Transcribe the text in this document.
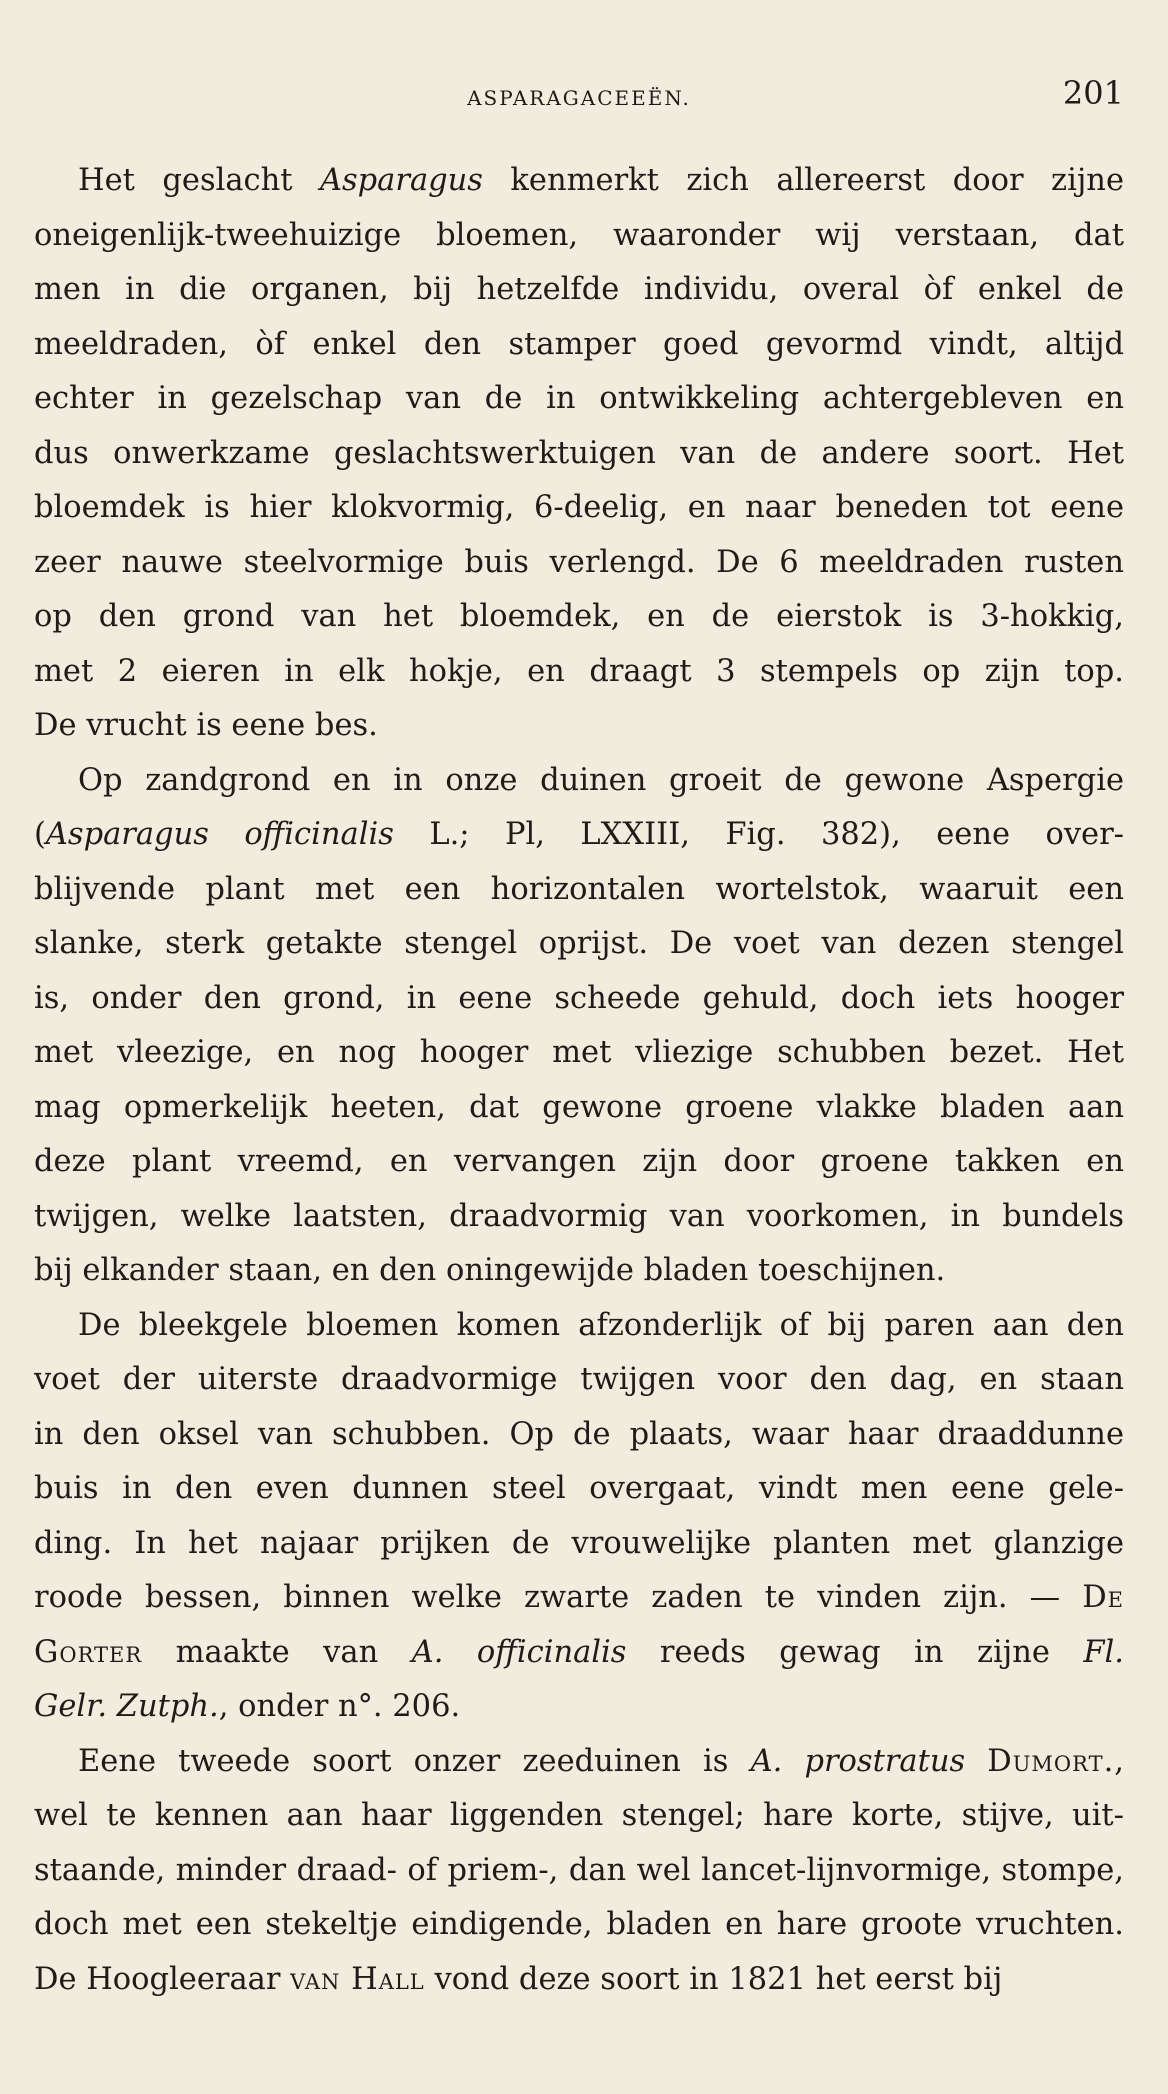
ASPARAGACEEËN.	201
Het geslacht Asparagus kenmerkt zich allereerst door zijne
oneigenlijk-tweehuizige bloemen, waaronder wij verstaan, dat
men in die organen, bij hetzelfde individu, overal òf enkel de
meeldraden, òf enkel den stamper goed gevormd vindt, altijd
echter in gezelschap van de in ontwikkeling achtergebleven en
dus onwerkzame geslachtswerktuigen van de andere soort. Het
bloemdek is hier klokvormig, 6-deelig, en naar beneden tot eene
zeer nauwe steelvormige buis verlengd. De 6 meeldraden rusten
op den grond van het bloemdek, en de eierstok is 3-hokkig,
met 2 eieren in elk hokje, en draagt 3 stempels op zijn top.
De vrucht is eene bes.
Op zandgrond en in onze duinen groeit de gewone Aspergie
(Asparagus officinalis L.; Pl, LXXIII, Fig. 382), eene over-
blijvende plant met een horizontalen wortelstok, waaruit een
slanke, sterk getakte stengel oprijst. De voet van dezen stengel
is, onder den grond, in eene scheede gehuld, doch iets hooger
met vleezige, en nog hooger met vliezige schubben bezet. Het
mag opmerkelijk heeten, dat gewone groene vlakke bladen aan
deze plant vreemd, en vervangen zijn door groene takken en
twijgen, welke laatsten, draadvormig van voorkomen, in bundels
bij elkander staan, en den oningewijde bladen toeschijnen.
De bleekgele bloemen komen afzonderlijk of bij paren aan den
voet der uiterste draadvormige twijgen voor den dag, en staan
in den oksel van schubben. Op de plaats, waar haar draaddunne
buis in den even dunnen steel overgaat, vindt men eene gele-
ding. In het najaar prijken de vrouwelijke planten met glanzige
roode bessen, binnen welke zwarte zaden te vinden zijn. — De
Gorter maakte van A. officinalis reeds gewag in zijne Fl.
Gelr. Zutph., onder n°. 206.
Eene tweede soort onzer zeeduinen is A. prostratus Dumort.,
wel te kennen aan haar liggenden stengel; hare korte, stijve, uit-
staande, minder draad- of priem-, dan wel lancet-lijnvormige, stompe,
doch met een stekeltje eindigende, bladen en hare groote vruchten.
De Hoogleeraar van Hall vond deze soort in 1821 het eerst bij
